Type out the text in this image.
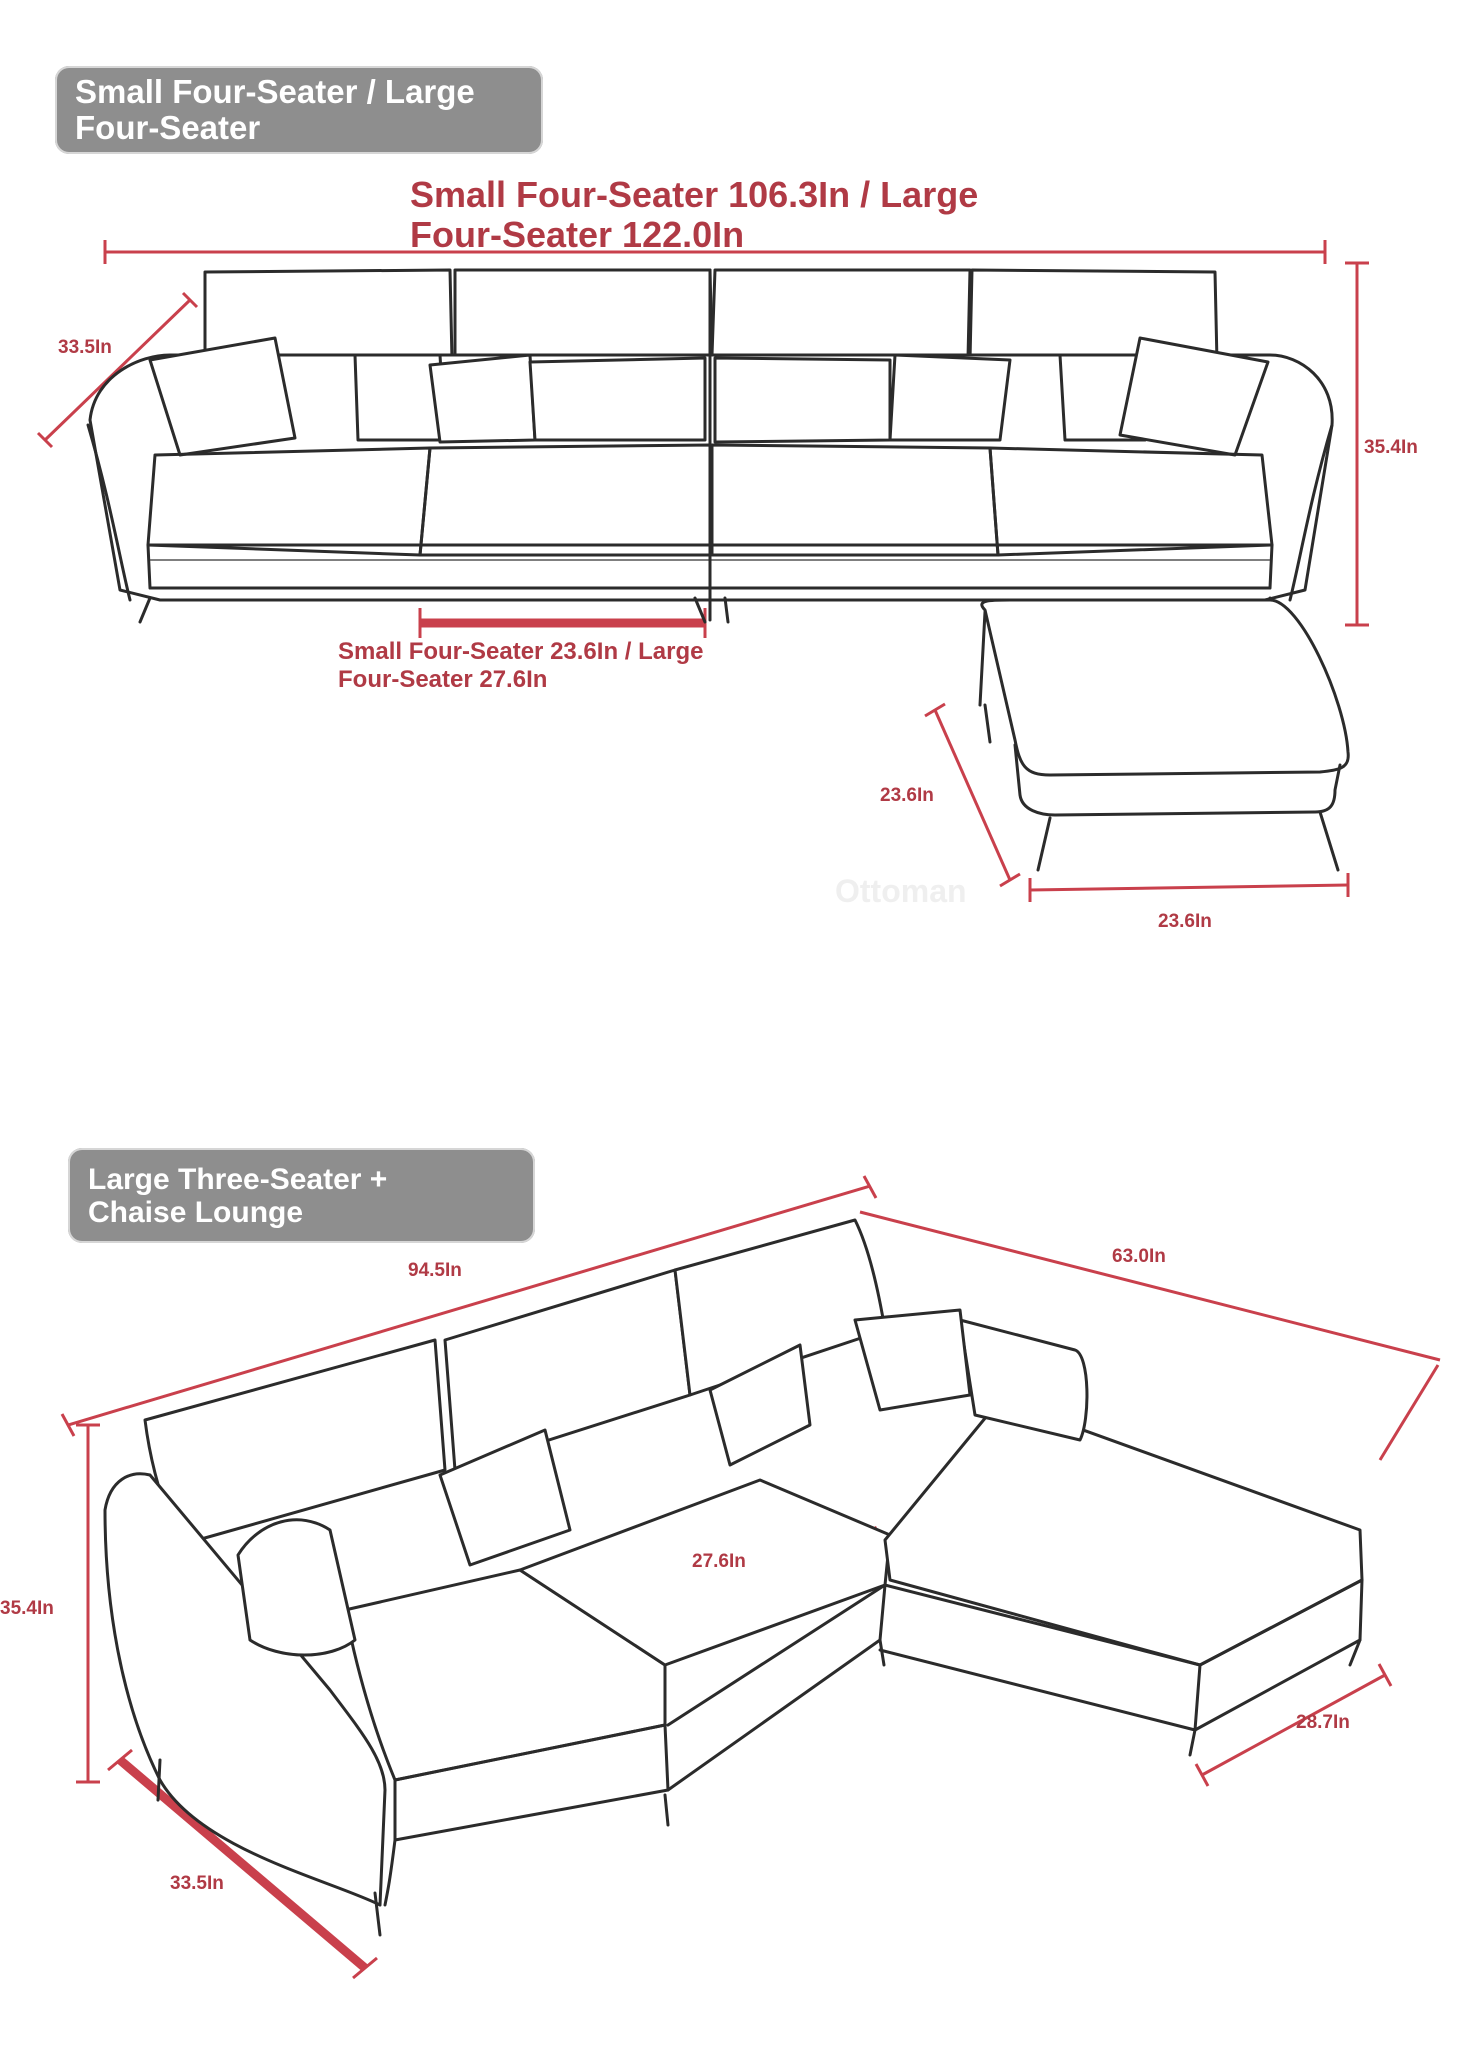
Small Four-Seater / Large
Four-Seater
Small Four-Seater 106.3In / Large
Four-Seater 122.0In
33.5In
35.4In
Small Four-Seater 23.6In / Large
Four-Seater 27.6In
Ottoman
23.6In
23.6In
Large Three-Seater +
Chaise Lounge
94.5In
63.0In
35.4In
27.6In
28.7In
33.5In
